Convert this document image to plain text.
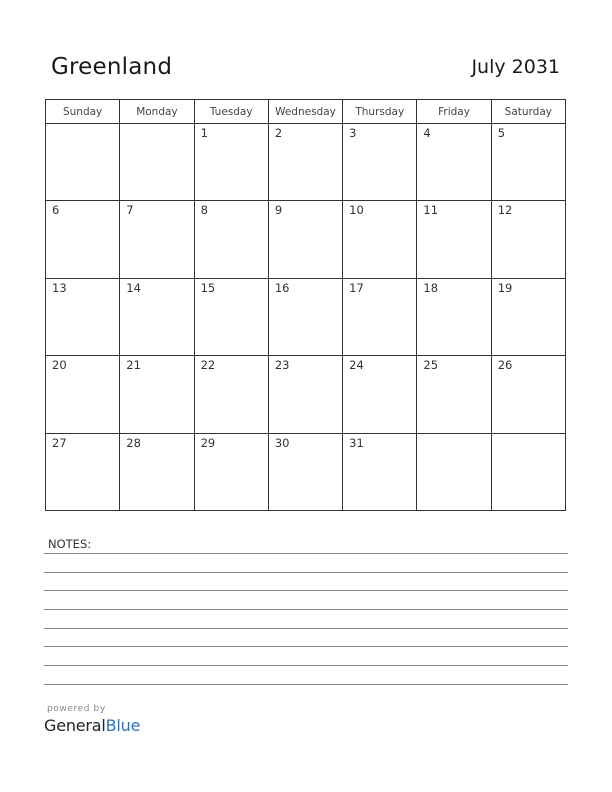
Greenland	July 2031
Sunday	Monday	Tuesday	Wednesday	Thursday	Friday	Saturday

		1	2	3	4	5

6	7	8	9	10	11	12

13	14	15	16	17	18	19

20	21	22	23	24	25	26

27	28	29	30	31		

NOTES:
powered by
GeneralBlue
